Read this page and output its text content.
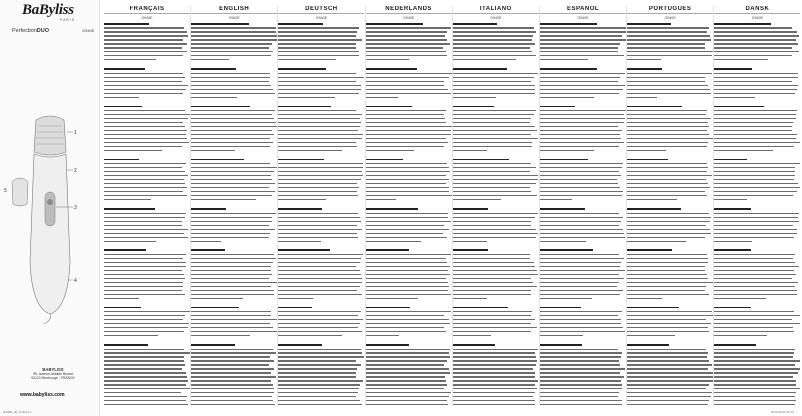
BaByliss
PARIS
PerfectionDUO	G940E
1
2
3
4
5
BABYLISS
99, avenue Aristide Briand
92120 Montrouge - FRANCE
www.babyliss.com
G940E_IB_3-28-A4 1	2013/11/20 16:19
FRANÇAIS
G940E
ENGLISH
G940E
DEUTSCH
G940E
NEDERLANDS
G940E
ITALIANO
G940E
ESPAÑOL
G940E
PORTUGUÊS
G940E
DANSK
G940E
